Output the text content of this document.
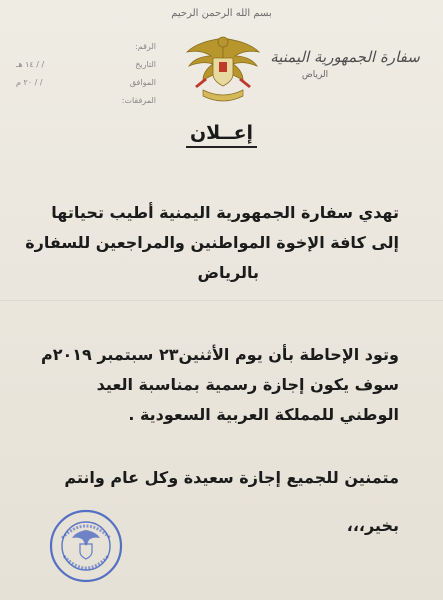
بسم الله الرحمن الرحيم
سفارة الجمهورية اليمنية
الرياض
الرقم:
التاريخ
/ / ١٤ هـ
الموافق
/ / ٢٠ م
المرفقات:
إعــلان
تهدي سفارة الجمهورية اليمنية أطيب تحياتها
إلى كافة الإخوة المواطنين والمراجعين للسفارة
بالرياض
وتود الإحاطة بأن يوم الأثنين٢٣ سبتمبر ٢٠١٩م
سوف يكون إجازة رسمية بمناسبة العيد
الوطني للمملكة العربية السعودية .
متمنين للجميع إجازة سعيدة وكل عام وانتم
بخير،،،
